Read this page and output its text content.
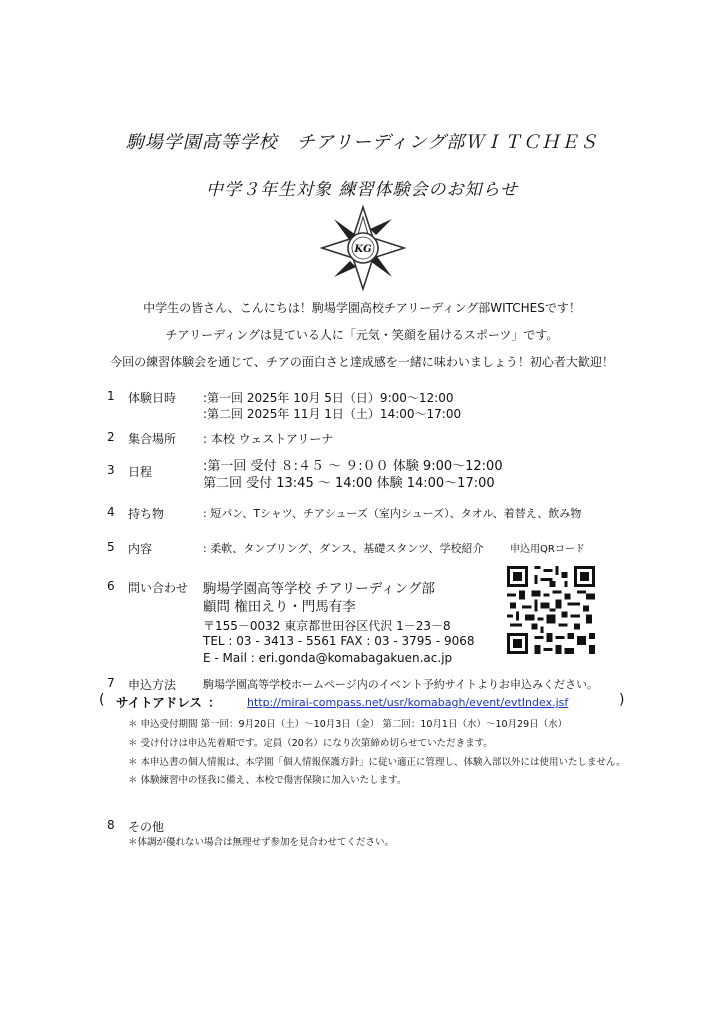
駒場学園高等学校　チアリーディング部ＷＩＴＣＨＥＳ
中学３年生対象 練習体験会のお知らせ
KG
中学生の皆さん、こんにちは！駒場学園高校チアリーディング部WITCHESです！
チアリーディングは見ている人に「元気・笑顔を届けるスポーツ」です。
今回の練習体験会を通じて、チアの面白さと達成感を一緒に味わいましょう！初心者大歓迎！
1 体験日時 :第一回 2025年 10月 5日（日）9:00～12:00
:第二回 2025年 11月 1日（土）14:00～17:00
2 集合場所 : 本校 ウェストアリーナ
3 日程	:第一回 受付 ８:４５ ～ ９:００ 体験 9:00～12:00
第二回 受付 13:45 ～ 14:00 体験 14:00～17:00
4 持ち物	: 短パン、Tシャツ、チアシューズ（室内シューズ）、タオル、着替え、飲み物
5 内容	: 柔軟、タンブリング、ダンス、基礎スタンツ、学校紹介	申込用QRコード
6 問い合わせ 駒場学園高等学校 チアリーディング部
顧問 権田えり・門馬有李
〒155－0032 東京都世田谷区代沢 1－23－8
TEL : 03 - 3413 - 5561 FAX : 03 - 3795 - 9068
E - Mail : eri.gonda@komabagakuen.ac.jp
7 申込方法 駒場学園高等学校ホームページ内のイベント予約サイトよりお申込みください。
( サイトアドレス ： http://mirai-compass.net/usr/komabagh/event/evtIndex.jsf	)
＊ 申込受付期間 第一回：9月20日（土）～10月3日（金） 第二回：10月1日（水）～10月29日（水）
＊ 受け付けは申込先着順です。定員（20名）になり次第締め切らせていただきます。
＊ 本申込書の個人情報は、本学園「個人情報保護方針」に従い適正に管理し、体験入部以外には使用いたしません。
＊ 体験練習中の怪我に備え、本校で傷害保険に加入いたします。
8 その他
＊体調が優れない場合は無理せず参加を見合わせてください。
